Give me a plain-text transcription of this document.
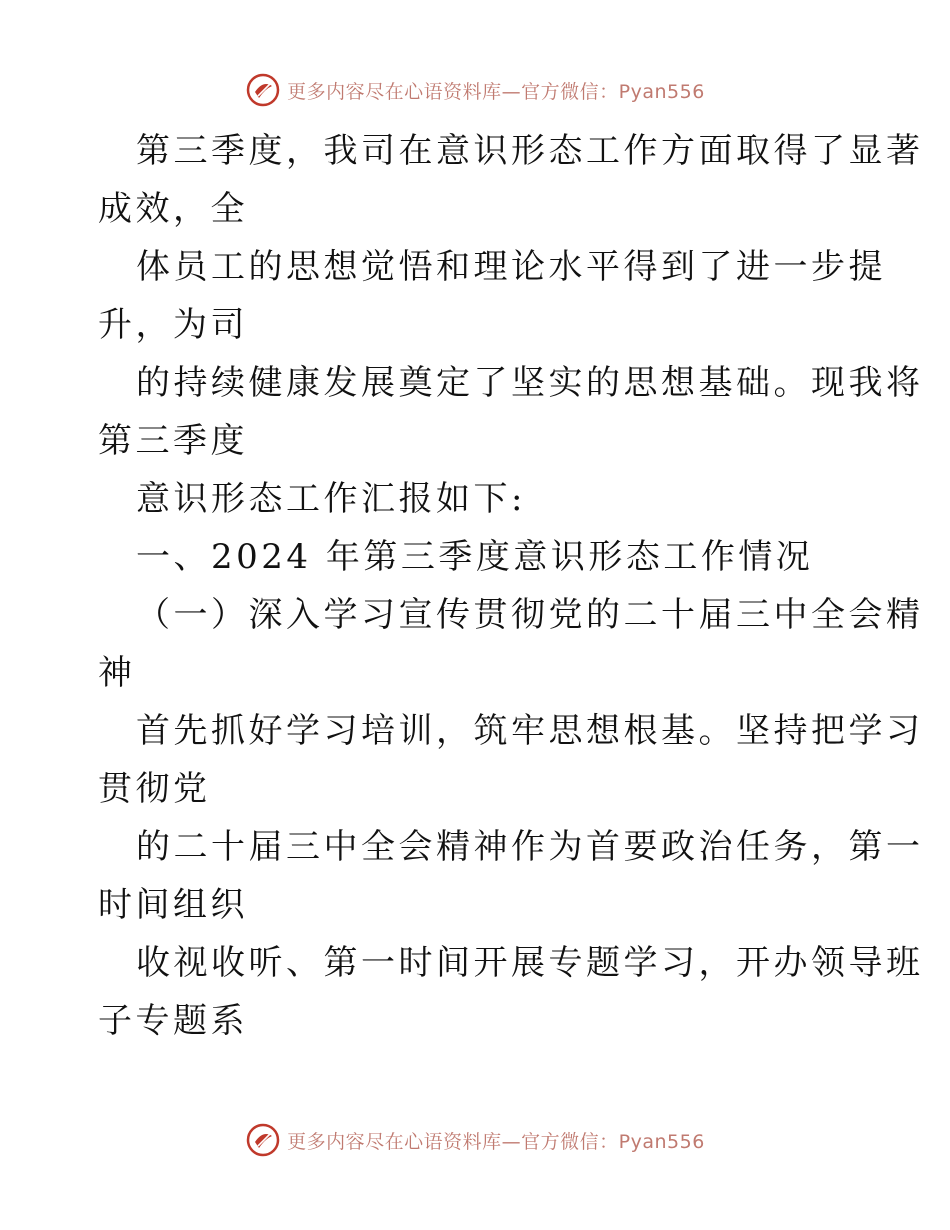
更多内容尽在心语资料库—官方微信：Pyan556
第三季度，我司在意识形态工作方面取得了显著
成效，全
体员工的思想觉悟和理论水平得到了进一步提
升，为司
的持续健康发展奠定了坚实的思想基础。现我将
第三季度
意识形态工作汇报如下:
一、2024 年第三季度意识形态工作情况
（一）深入学习宣传贯彻党的二十届三中全会精
神
首先抓好学习培训，筑牢思想根基。坚持把学习
贯彻党
的二十届三中全会精神作为首要政治任务，第一
时间组织
收视收听、第一时间开展专题学习，开办领导班
子专题系
更多内容尽在心语资料库—官方微信：Pyan556
